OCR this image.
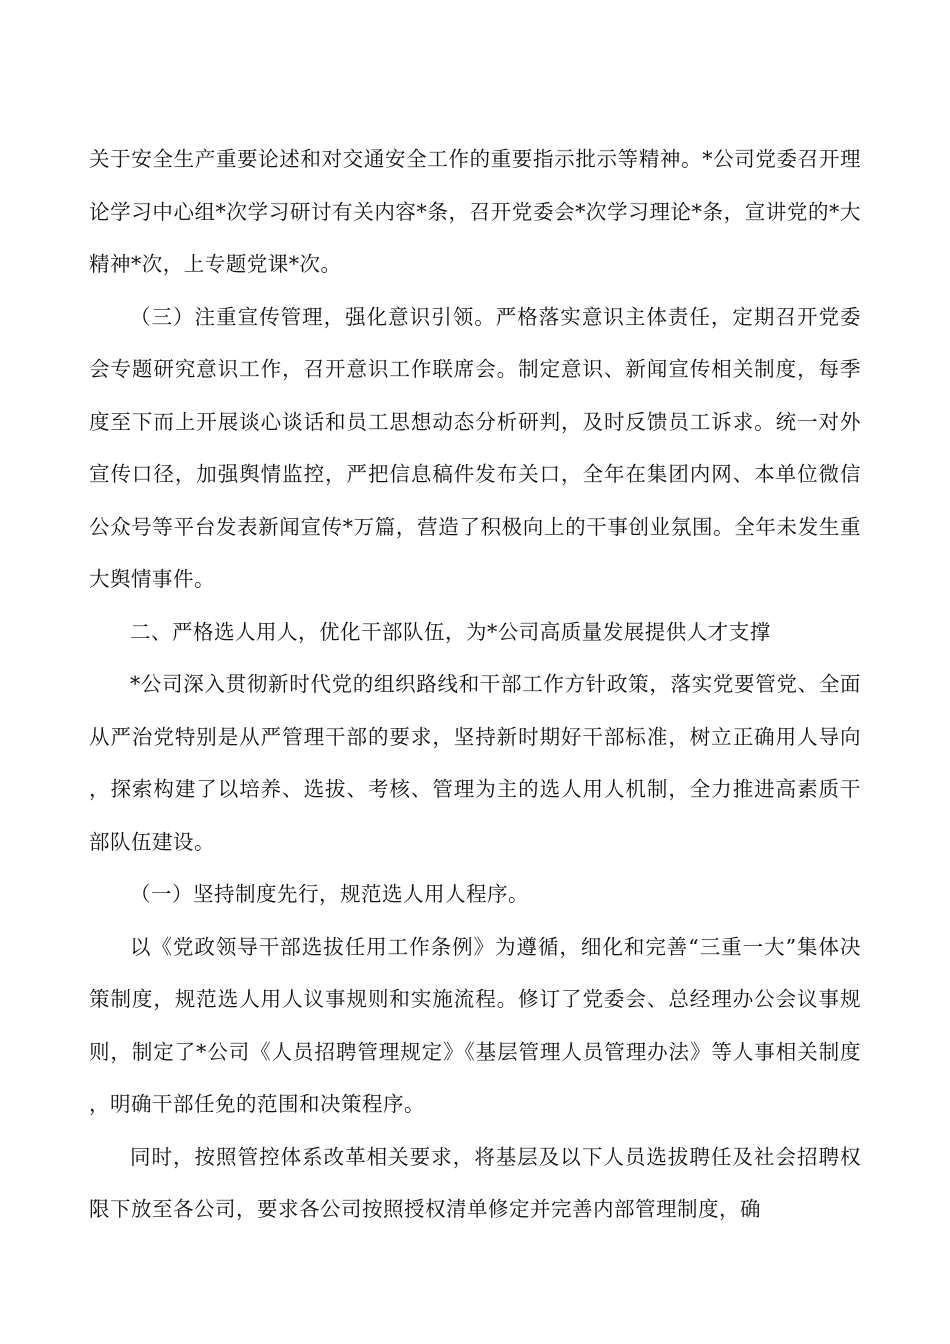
关于安全生产重要论述和对交通安全工作的重要指示批示等精神。*公司党委召开理论学习中心组*次学习研讨有关内容*条，召开党委会*次学习理论*条，宣讲党的*大精神*次，上专题党课*次。

（三）注重宣传管理，强化意识引领。严格落实意识主体责任，定期召开党委会专题研究意识工作，召开意识工作联席会。制定意识、新闻宣传相关制度，每季度至下而上开展谈心谈话和员工思想动态分析研判，及时反馈员工诉求。统一对外宣传口径，加强舆情监控，严把信息稿件发布关口，全年在集团内网、本单位微信公众号等平台发表新闻宣传*万篇，营造了积极向上的干事创业氛围。全年未发生重大舆情事件。

二、严格选人用人，优化干部队伍，为*公司高质量发展提供人才支撑

*公司深入贯彻新时代党的组织路线和干部工作方针政策，落实党要管党、全面从严治党特别是从严管理干部的要求，坚持新时期好干部标准，树立正确用人导向，探索构建了以培养、选拔、考核、管理为主的选人用人机制，全力推进高素质干部队伍建设。

（一）坚持制度先行，规范选人用人程序。

以《党政领导干部选拔任用工作条例》为遵循，细化和完善“三重一大”集体决策制度，规范选人用人议事规则和实施流程。修订了党委会、总经理办公会议事规则，制定了*公司《人员招聘管理规定》《基层管理人员管理办法》等人事相关制度，明确干部任免的范围和决策程序。

同时，按照管控体系改革相关要求，将基层及以下人员选拔聘任及社会招聘权限下放至各公司，要求各公司按照授权清单修定并完善内部管理制度，确
